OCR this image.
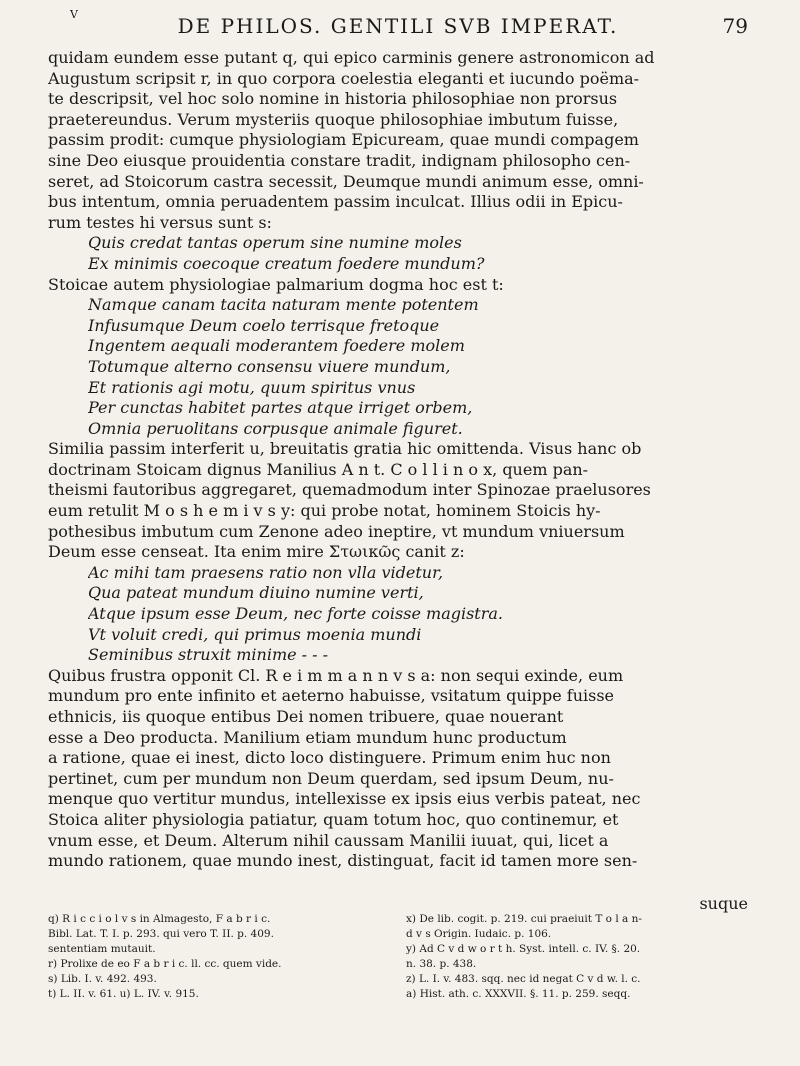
V	DE PHILOS. GENTILI SVB IMPERAT.	79
quidam eundem esse putant q, qui epico carminis genere astronomicon ad
Augustum scripsit r, in quo corpora coelestia eleganti et iucundo poëma-
te descripsit, vel hoc solo nomine in historia philosophiae non prorsus
praetereundus. Verum mysteriis quoque philosophiae imbutum fuisse,
passim prodit: cumque physiologiam Epicuream, quae mundi compagem
sine Deo eiusque prouidentia constare tradit, indignam philosopho cen-
seret, ad Stoicorum castra secessit, Deumque mundi animum esse, omni-
bus intentum, omnia peruadentem passim inculcat. Illius odii in Epicu-
rum testes hi versus sunt s:
Quis credat tantas operum sine numine moles
Ex minimis coecoque creatum foedere mundum?
Stoicae autem physiologiae palmarium dogma hoc est t:
Namque canam tacita naturam mente potentem
Infusumque Deum coelo terrisque fretoque
Ingentem aequali moderantem foedere molem
Totumque alterno consensu viuere mundum,
Et rationis agi motu, quum spiritus vnus
Per cunctas habitet partes atque irriget orbem,
Omnia peruolitans corpusque animale figuret.
Similia passim interferit u, breuitatis gratia hic omittenda. Visus hanc ob
doctrinam Stoicam dignus Manilius A n t. C o l l i n o x, quem pan-
theismi fautoribus aggregaret, quemadmodum inter Spinozae praelusores
eum retulit M o s h e m i v s y: qui probe notat, hominem Stoicis hy-
pothesibus imbutum cum Zenone adeo ineptire, vt mundum vniuersum
Deum esse censeat. Ita enim mire Στωικῶς canit z:
Ac mihi tam praesens ratio non vlla videtur,
Qua pateat mundum diuino numine verti,
Atque ipsum esse Deum, nec forte coisse magistra.
Vt voluit credi, qui primus moenia mundi
Seminibus struxit minime - - -
Quibus frustra opponit Cl. R e i m m a n n v s a: non sequi exinde, eum
mundum pro ente infinito et aeterno habuisse, vsitatum quippe fuisse
ethnicis, iis quoque entibus Dei nomen tribuere, quae nouerant
esse a Deo producta. Manilium etiam mundum hunc productum
a ratione, quae ei inest, dicto loco distinguere. Primum enim huc non
pertinet, cum per mundum non Deum querdam, sed ipsum Deum, nu-
menque quo vertitur mundus, intellexisse ex ipsis eius verbis pateat, nec
Stoica aliter physiologia patiatur, quam totum hoc, quo continemur, et
vnum esse, et Deum. Alterum nihil caussam Manilii iuuat, qui, licet a
mundo rationem, quae mundo inest, distinguat, facit id tamen more sen-
suque
q) R i c c i o l v s in Almagesto, F a b r i c.
Bibl. Lat. T. I. p. 293. qui vero T. II. p. 409.
sententiam mutauit.
r) Prolixe de eo F a b r i c. ll. cc. quem vide.
s) Lib. I. v. 492. 493.
t) L. II. v. 61. u) L. IV. v. 915.
x) De lib. cogit. p. 219. cui praeiuit T o l a n-
d v s Origin. Iudaic. p. 106.
y) Ad C v d w o r t h. Syst. intell. c. IV. §. 20.
n. 38. p. 438.
z) L. I. v. 483. sqq. nec id negat C v d w. l. c.
a) Hist. ath. c. XXXVII. §. 11. p. 259. seqq.
